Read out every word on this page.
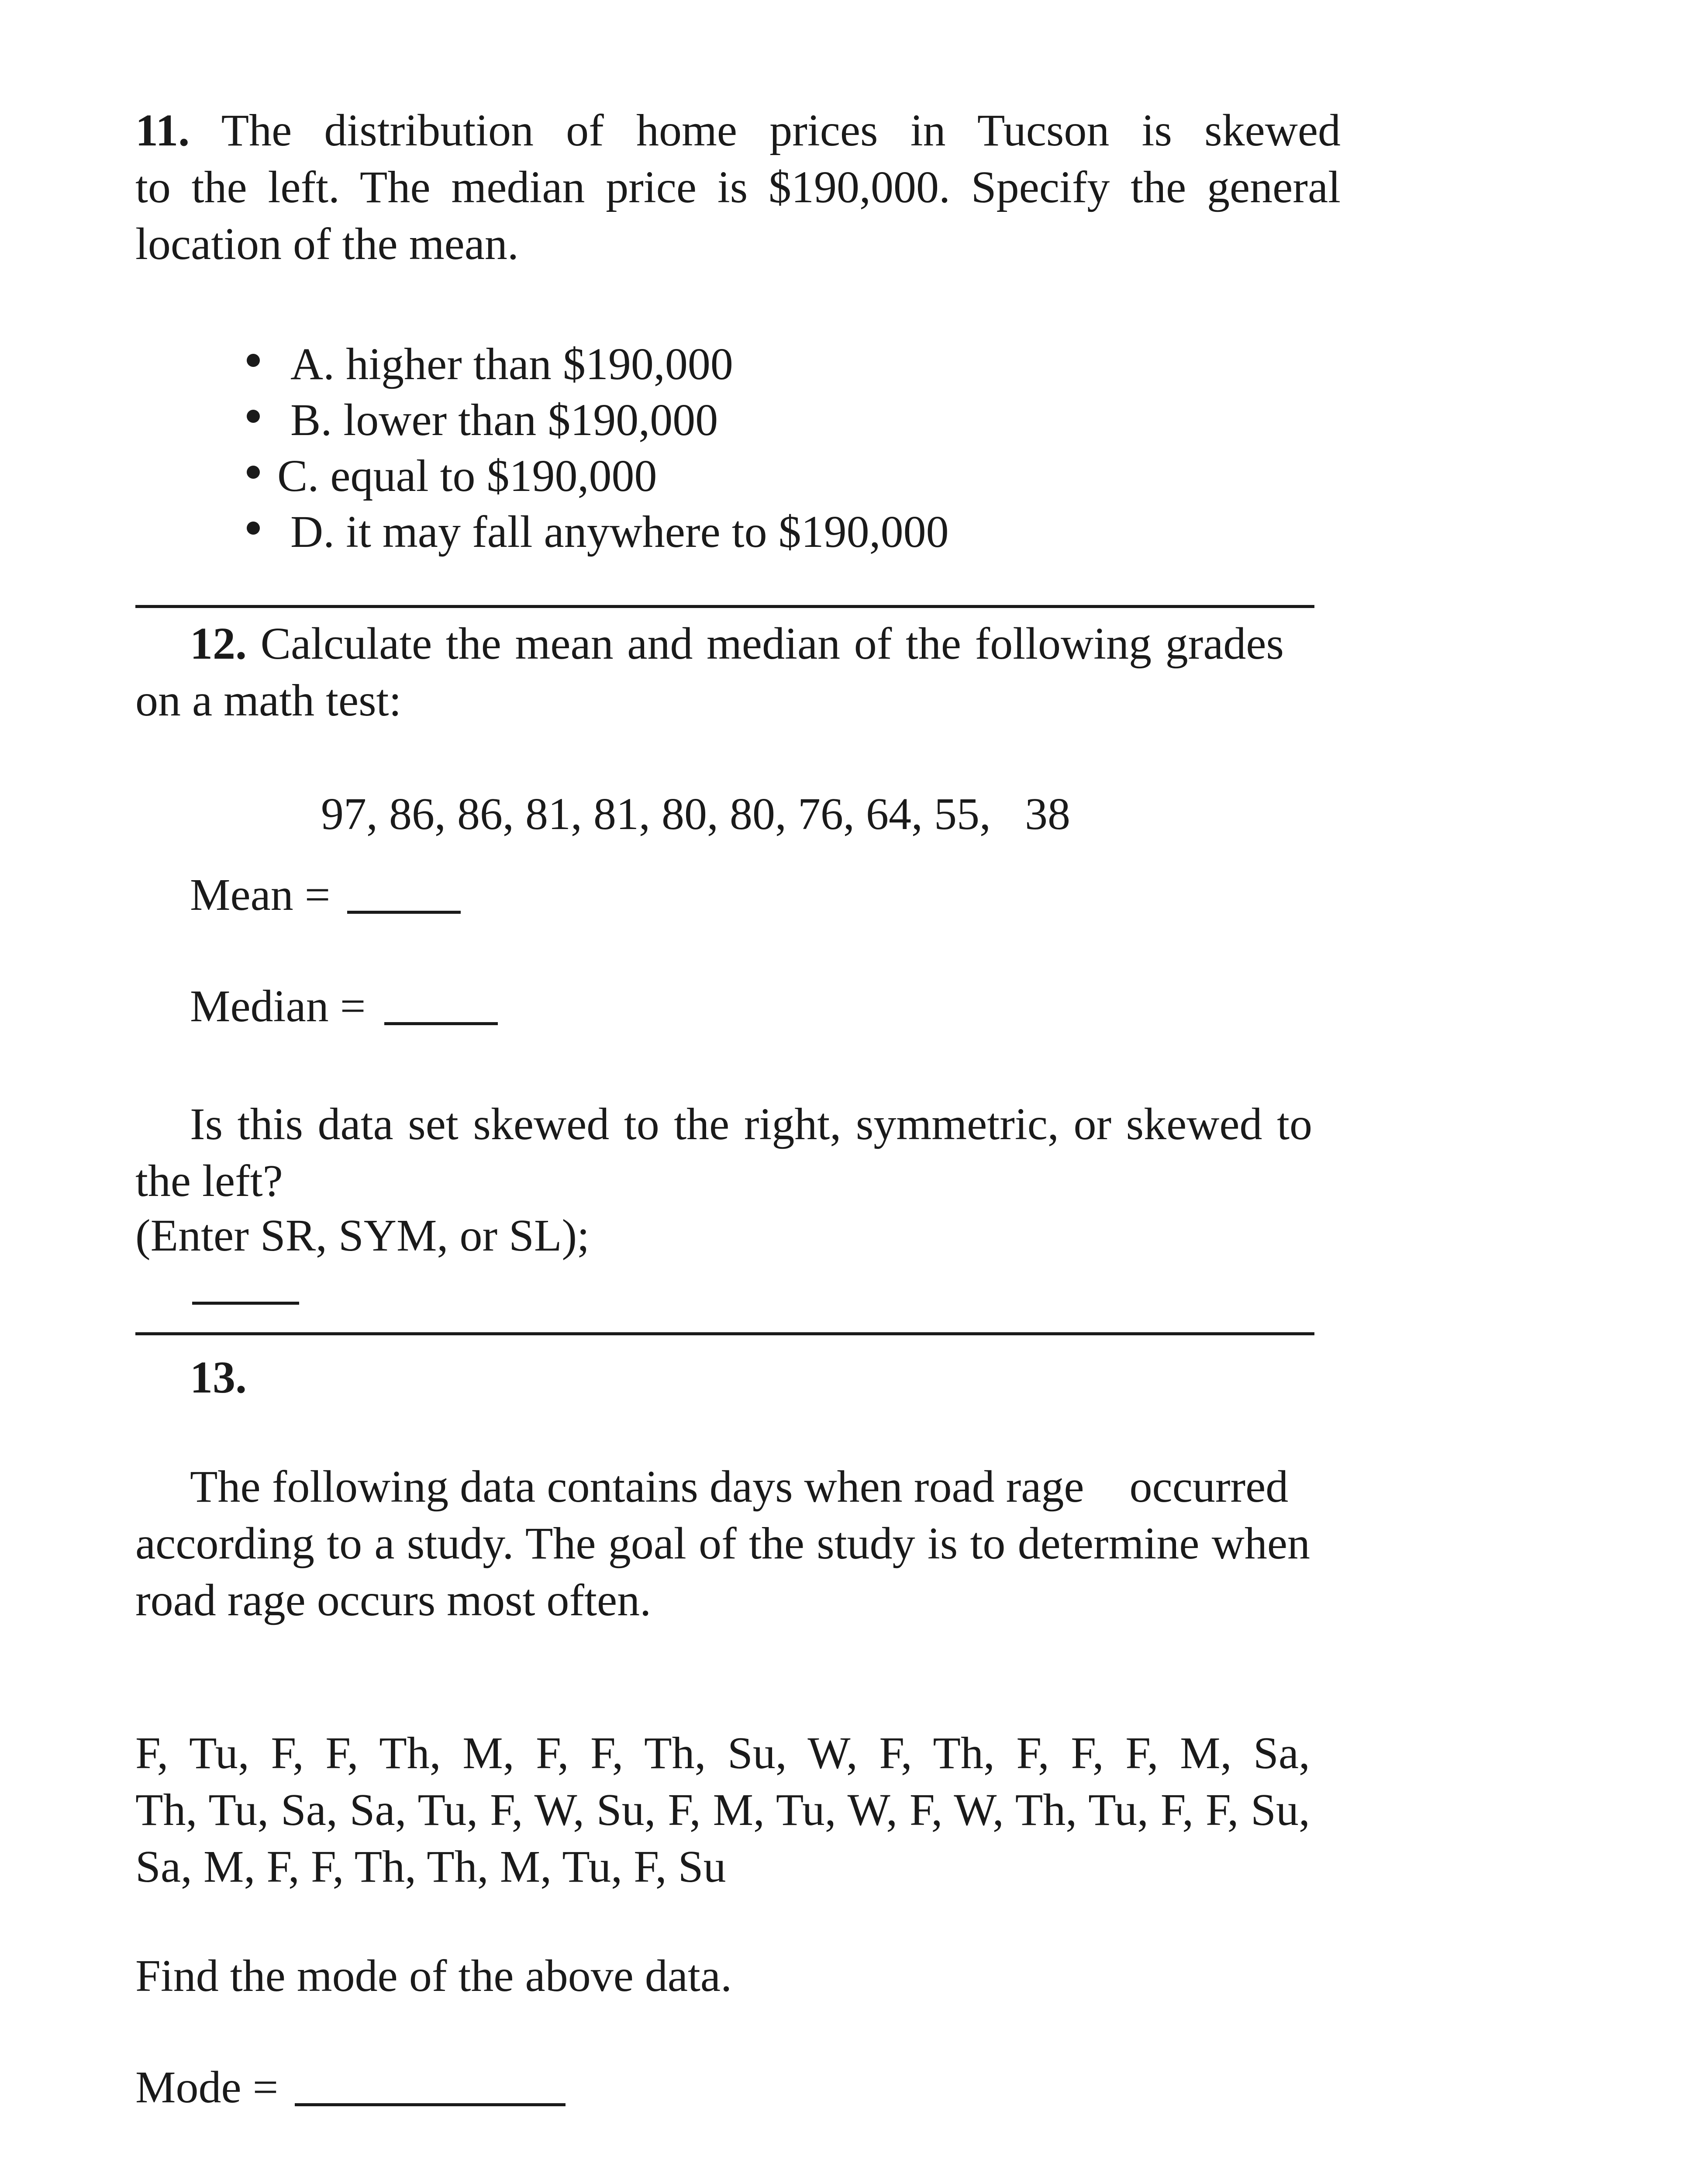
11. The distribution of home prices in Tucson is skewed

to the left. The median price is $190,000. Specify the general

location of the mean.

A. higher than $190,000

B. lower than $190,000

C. equal to $190,000

D. it may fall anywhere to $190,000

12. Calculate the mean and median of the following grades

on a math test:

97, 86, 86, 81, 81, 80, 80, 76, 64, 55,   38

Mean =

Median =

Is this data set skewed to the right, symmetric, or skewed to

the left?

(Enter SR, SYM, or SL);

13.

The following data contains days when road rage    occurred

according to a study. The goal of the study is to determine when

road rage occurs most often.

F, Tu, F, F, Th, M, F, F, Th, Su, W, F, Th, F, F, F, M, Sa,

Th, Tu, Sa, Sa, Tu, F, W, Su, F, M, Tu, W, F, W, Th, Tu, F, F, Su,

Sa, M, F, F, Th, Th, M, Tu, F, Su

Find the mode of the above data.

Mode =
